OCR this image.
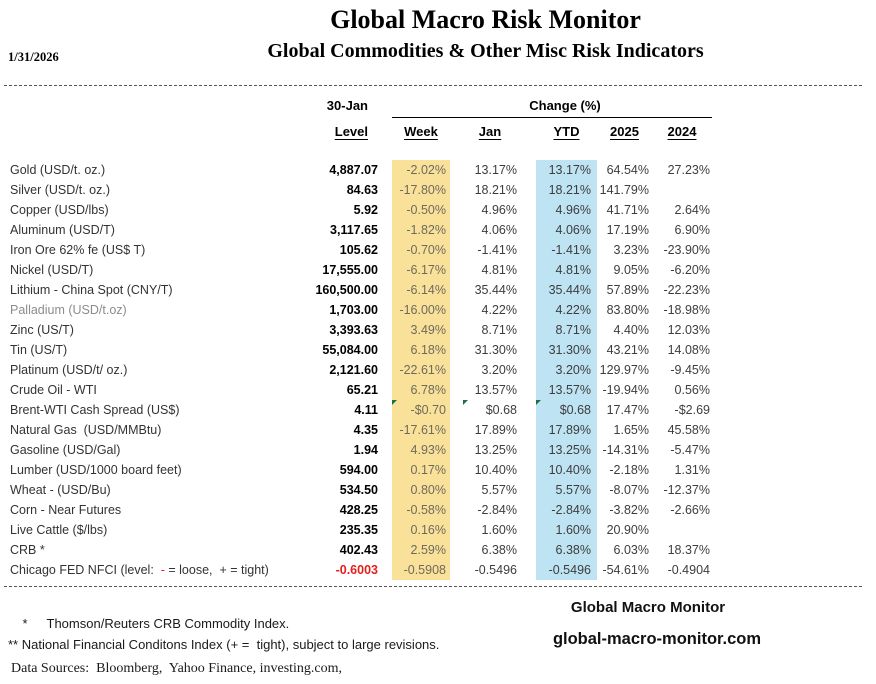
Global Macro Risk Monitor
Global Commodities & Other Misc Risk Indicators
1/31/2026
30-Jan	Change (%)
Level	Week	Jan	YTD	2025	2024
Gold (USD/t. oz.)	4,887.07	-2.02%	13.17%	13.17%	64.54%	27.23%
Silver (USD/t. oz.)	84.63	-17.80%	18.21%	18.21% 141.79%
Copper (USD/lbs)	5.92	-0.50%	4.96%	4.96%	41.71%	2.64%
Aluminum (USD/T)	3,117.65	-1.82%	4.06%	4.06%	17.19%	6.90%
Iron Ore 62% fe (US$ T)	105.62	-0.70%	-1.41%	-1.41%	3.23%	-23.90%
Nickel (USD/T)	17,555.00	-6.17%	4.81%	4.81%	9.05%	-6.20%
Lithium - China Spot (CNY/T)	160,500.00	-6.14%	35.44%	35.44%	57.89%	-22.23%
Palladium (USD/t.oz)	1,703.00	-16.00%	4.22%	4.22%	83.80%	-18.98%
Zinc (US/T)	3,393.63	3.49%	8.71%	8.71%	4.40%	12.03%
Tin (US/T)	55,084.00	6.18%	31.30%	31.30%	43.21%	14.08%
Platinum (USD/t/ oz.)	2,121.60	-22.61%	3.20%	3.20% 129.97%	-9.45%
Crude Oil - WTI	65.21	6.78%	13.57%	13.57% -19.94%	0.56%
Brent-WTI Cash Spread (US$)	4.11	-$0.70	$0.68	$0.68	17.47%	-$2.69
Natural Gas  (USD/MMBtu)	4.35	-17.61%	17.89%	17.89%	1.65%	45.58%
Gasoline (USD/Gal)	1.94	4.93%	13.25%	13.25% -14.31%	-5.47%
Lumber (USD/1000 board feet)	594.00	0.17%	10.40%	10.40%	-2.18%	1.31%
Wheat - (USD/Bu)	534.50	0.80%	5.57%	5.57%	-8.07%	-12.37%
Corn - Near Futures	428.25	-0.58%	-2.84%	-2.84%	-3.82%	-2.66%
Live Cattle ($/lbs)	235.35	0.16%	1.60%	1.60%	20.90%
CRB *	402.43	2.59%	6.38%	6.38%	6.03%	18.37%
Chicago FED NFCI (level:  - = loose,  + = tight)	-0.6003	-0.5908	-0.5496	-0.5496 -54.61%	-0.4904

* Thomson/Reuters CRB Commodity Index.

** National Financial Conditons Index (+ =  tight), subject to large revisions.
Data Sources:  Bloomberg,  Yahoo Finance, investing.com,
Global Macro Monitor
global-macro-monitor.com
